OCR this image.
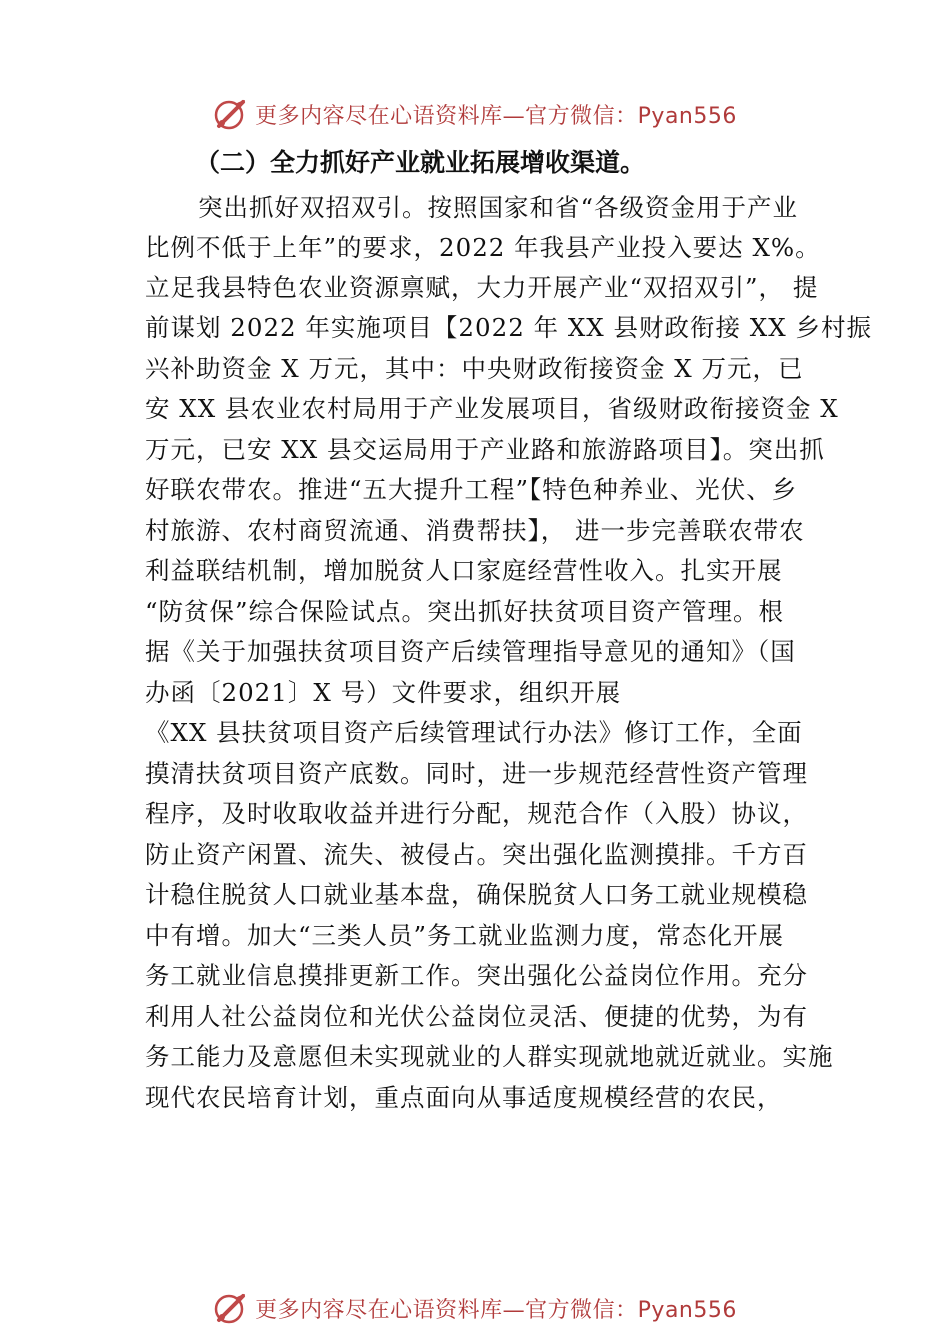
更多内容尽在心语资料库—官方微信：Pyan556
（二）全力抓好产业就业拓展增收渠道。
突出抓好双招双引。按照国家和省“各级资金用于产业
比例不低于上年”的要求，2022 年我县产业投入要达 X%。
立足我县特色农业资源禀赋，大力开展产业“双招双引”， 提
前谋划 2022 年实施项目【2022 年 XX 县财政衔接 XX 乡村振
兴补助资金 X 万元，其中：中央财政衔接资金 X 万元，已
安 XX 县农业农村局用于产业发展项目，省级财政衔接资金 X
万元，已安 XX 县交运局用于产业路和旅游路项目】。突出抓
好联农带农。推进“五大提升工程”【特色种养业、光伏、乡
村旅游、农村商贸流通、消费帮扶】， 进一步完善联农带农
利益联结机制，增加脱贫人口家庭经营性收入。扎实开展
“防贫保”综合保险试点。突出抓好扶贫项目资产管理。根
据《关于加强扶贫项目资产后续管理指导意见的通知》（国
办函〔2021〕X 号）文件要求，组织开展
《XX 县扶贫项目资产后续管理试行办法》修订工作，全面
摸清扶贫项目资产底数。同时，进一步规范经营性资产管理
程序，及时收取收益并进行分配，规范合作（入股）协议，
防止资产闲置、流失、被侵占。突出强化监测摸排。千方百
计稳住脱贫人口就业基本盘，确保脱贫人口务工就业规模稳
中有增。加大“三类人员”务工就业监测力度，常态化开展
务工就业信息摸排更新工作。突出强化公益岗位作用。充分
利用人社公益岗位和光伏公益岗位灵活、便捷的优势，为有
务工能力及意愿但未实现就业的人群实现就地就近就业。实施
现代农民培育计划，重点面向从事适度规模经营的农民，
更多内容尽在心语资料库—官方微信：Pyan556
